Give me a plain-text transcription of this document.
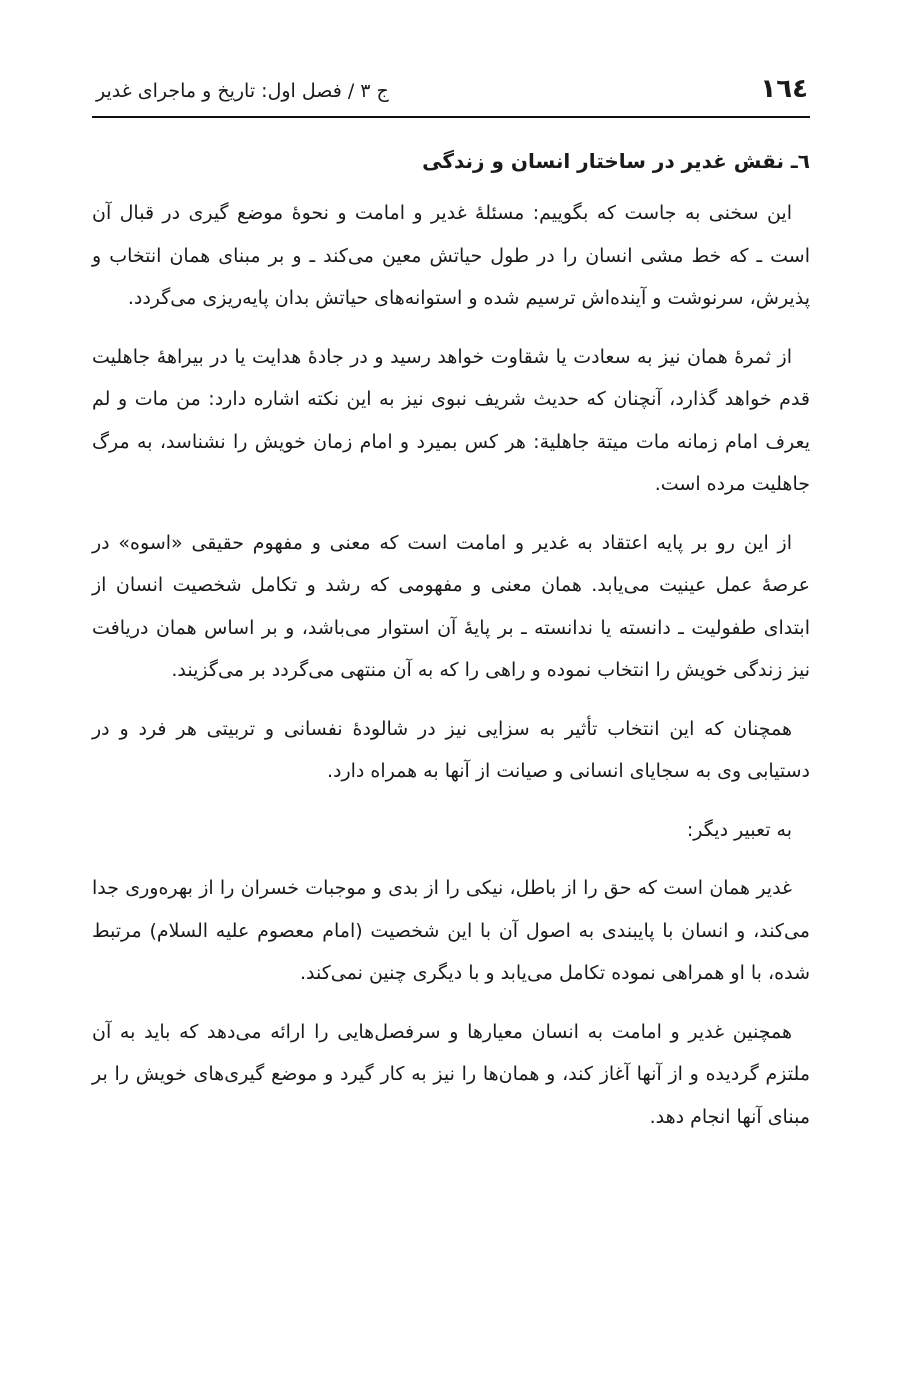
١٦٤
ج ٣ / فصل اول: تاریخ و ماجرای غدیر
٦ـ نقش غدیر در ساختار انسان و زندگی

این سخنی به جاست که بگوییم: مسئلهٔ غدیر و امامت و نحوهٔ موضع گیری در قبال آن است ـ که خط مشی انسان را در طول حیاتش معین می‌کند ـ و بر مبنای همان انتخاب و پذیرش، سرنوشت و آینده‌اش ترسیم شده و استوانه‌های حیاتش بدان پایه‌ریزی می‌گردد.

از ثمرهٔ همان نیز به سعادت یا شقاوت خواهد رسید و در جادهٔ هدایت یا در بیراههٔ جاهلیت قدم خواهد گذارد، آنچنان که حدیث شریف نبوی نیز به این نکته اشاره دارد: من مات و لم یعرف امام زمانه مات میتة جاهلیة: هر کس بمیرد و امام زمان خویش را نشناسد، به مرگ جاهلیت مرده است.

از این رو بر پایه اعتقاد به غدیر و امامت است که معنی و مفهوم حقیقی «اسوه» در عرصهٔ عمل عینیت می‌یابد. همان معنی و مفهومی که رشد و تکامل شخصیت انسان از ابتدای طفولیت ـ دانسته یا ندانسته ـ بر پایهٔ آن استوار می‌باشد، و بر اساس همان دریافت نیز زندگی خویش را انتخاب نموده و راهی را که به آن منتهی می‌گردد بر می‌گزیند.

همچنان که این انتخاب تأثیر به سزایی نیز در شالودهٔ نفسانی و تربیتی هر فرد و در دستیابی وی به سجایای انسانی و صیانت از آنها به همراه دارد.

به تعبیر دیگر:

غدیر همان است که حق را از باطل، نیکی را از بدی و موجبات خسران را از بهره‌وری جدا می‌کند، و انسان با پایبندی به اصول آن با این شخصیت (امام معصوم علیه السلام) مرتبط شده، با او همراهی نموده تکامل می‌یابد و با دیگری چنین نمی‌کند.

همچنین غدیر و امامت به انسان معیارها و سرفصل‌هایی را ارائه می‌دهد که باید به آن ملتزم گردیده و از آنها آغاز کند، و همان‌ها را نیز به کار گیرد و موضع گیری‌های خویش را بر مبنای آنها انجام دهد.
